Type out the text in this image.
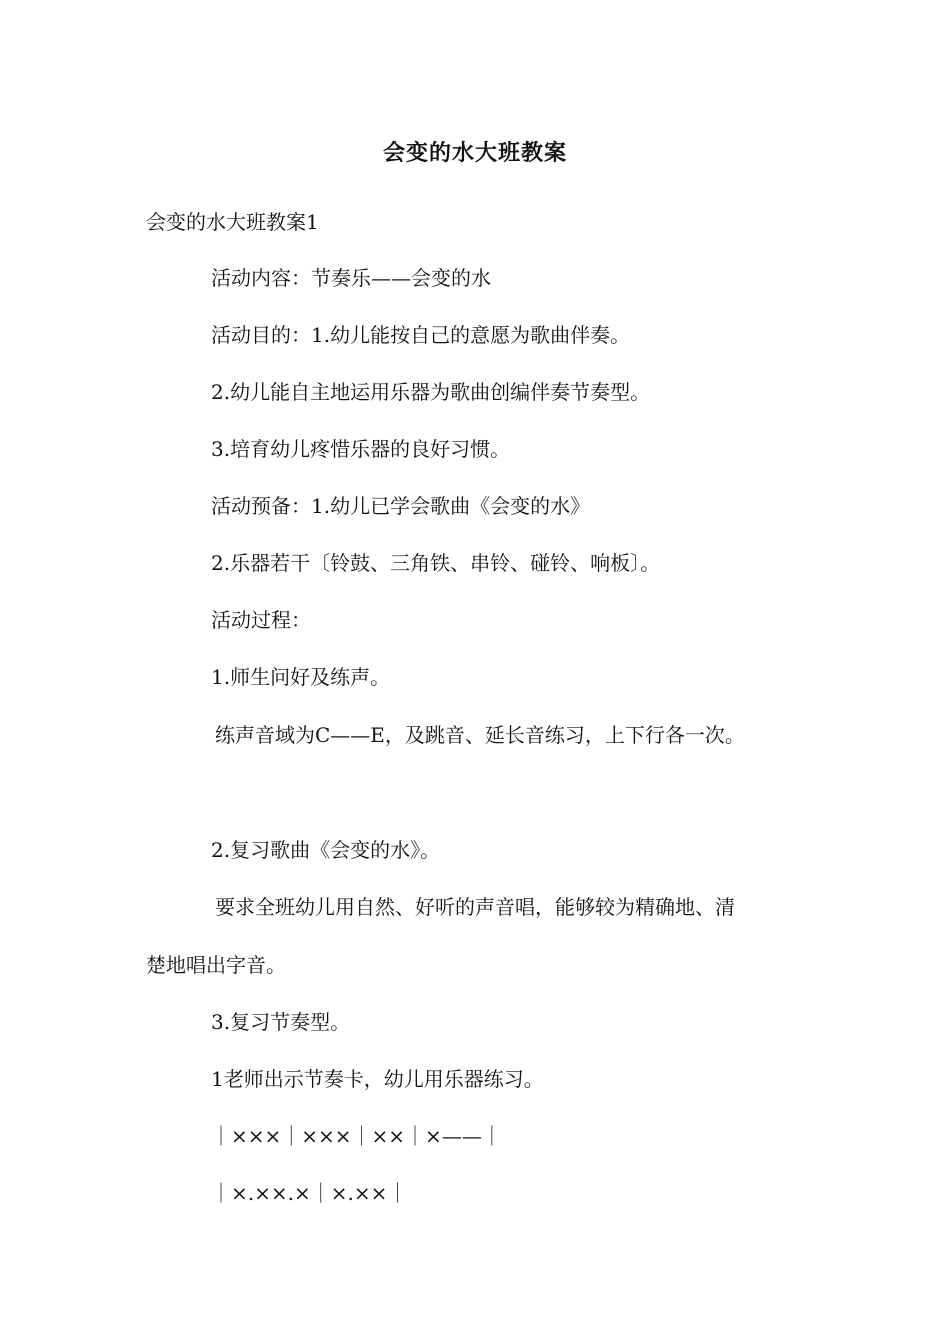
会变的水大班教案
会变的水大班教案1
活动内容：节奏乐——会变的水
活动目的：1.幼儿能按自己的意愿为歌曲伴奏。
2.幼儿能自主地运用乐器为歌曲创编伴奏节奏型。
3.培育幼儿疼惜乐器的良好习惯。
活动预备：1.幼儿已学会歌曲《会变的水》
2.乐器若干〔铃鼓、三角铁、串铃、碰铃、响板〕。
活动过程：
1.师生问好及练声。
练声音域为C——E，及跳音、延长音练习，上下行各一次。
2.复习歌曲《会变的水》。
要求全班幼儿用自然、好听的声音唱，能够较为精确地、清
楚地唱出字音。
3.复习节奏型。
1老师出示节奏卡，幼儿用乐器练习。
｜×××｜×××｜××｜×——｜
｜×.××.×｜×.××｜
